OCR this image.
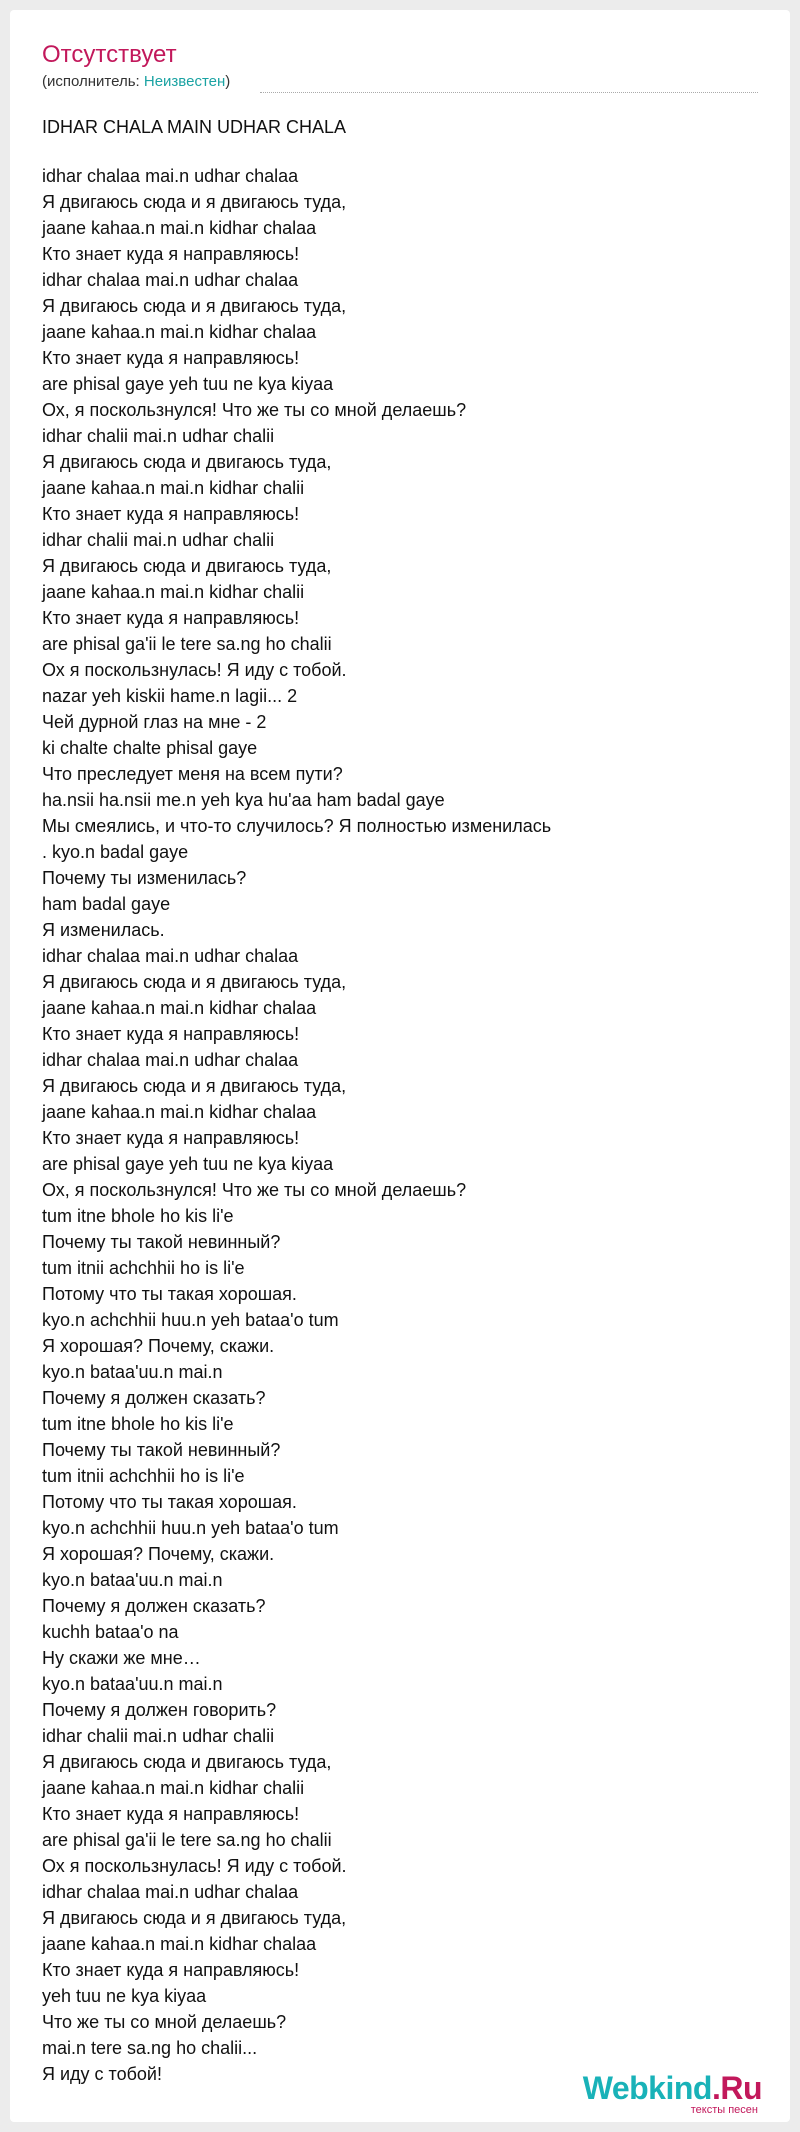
Отсутствует
(исполнитель: Неизвестен)
IDHAR CHALA MAIN UDHAR CHALA
idhar chalaa mai.n udhar chalaa
Я двигаюсь сюда и я двигаюсь туда,
jaane kahaa.n mai.n kidhar chalaa
Кто знает куда я направляюсь!
idhar chalaa mai.n udhar chalaa
Я двигаюсь сюда и я двигаюсь туда,
jaane kahaa.n mai.n kidhar chalaa
Кто знает куда я направляюсь!
are phisal gaye yeh tuu ne kya kiyaa
Ох, я поскользнулся! Что же ты со мной делаешь?
idhar chalii mai.n udhar chalii
Я двигаюсь сюда и двигаюсь туда,
jaane kahaa.n mai.n kidhar chalii
Кто знает куда я направляюсь!
idhar chalii mai.n udhar chalii
Я двигаюсь сюда и двигаюсь туда,
jaane kahaa.n mai.n kidhar chalii
Кто знает куда я направляюсь!
are phisal ga'ii le tere sa.ng ho chalii
Ох я поскользнулась! Я иду с тобой.
nazar yeh kiskii hame.n lagii... 2
Чей дурной глаз на мне - 2
ki chalte chalte phisal gaye
Что преследует меня на всем пути?
ha.nsii ha.nsii me.n yeh kya hu'aa ham badal gaye
Мы смеялись, и что-то случилось? Я полностью изменилась
. kyo.n badal gaye
Почему ты изменилась?
ham badal gaye
Я изменилась.
idhar chalaa mai.n udhar chalaa
Я двигаюсь сюда и я двигаюсь туда,
jaane kahaa.n mai.n kidhar chalaa
Кто знает куда я направляюсь!
idhar chalaa mai.n udhar chalaa
Я двигаюсь сюда и я двигаюсь туда,
jaane kahaa.n mai.n kidhar chalaa
Кто знает куда я направляюсь!
are phisal gaye yeh tuu ne kya kiyaa
Ох, я поскользнулся! Что же ты со мной делаешь?
tum itne bhole ho kis li'e
Почему ты такой невинный?
tum itnii achchhii ho is li'e
Потому что ты такая хорошая.
kyo.n achchhii huu.n yeh bataa'o tum
Я хорошая? Почему, скажи.
kyo.n bataa'uu.n mai.n
Почему я должен сказать?
tum itne bhole ho kis li'e
Почему ты такой невинный?
tum itnii achchhii ho is li'e
Потому что ты такая хорошая.
kyo.n achchhii huu.n yeh bataa'o tum
Я хорошая? Почему, скажи.
kyo.n bataa'uu.n mai.n
Почему я должен сказать?
kuchh bataa'o na
Ну скажи же мне…
kyo.n bataa'uu.n mai.n
Почему я должен говорить?
idhar chalii mai.n udhar chalii
Я двигаюсь сюда и двигаюсь туда,
jaane kahaa.n mai.n kidhar chalii
Кто знает куда я направляюсь!
are phisal ga'ii le tere sa.ng ho chalii
Ох я поскользнулась! Я иду с тобой.
idhar chalaa mai.n udhar chalaa
Я двигаюсь сюда и я двигаюсь туда,
jaane kahaa.n mai.n kidhar chalaa
Кто знает куда я направляюсь!
yeh tuu ne kya kiyaa
Что же ты со мной делаешь?
mai.n tere sa.ng ho chalii...
Я иду с тобой!	Webkind.Ru
тексты песен
